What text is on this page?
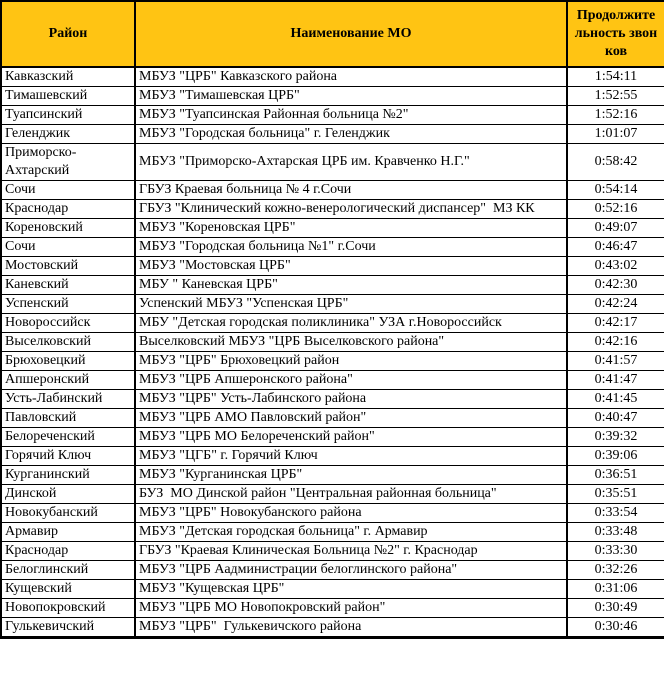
Район	Наименование МО	Продолжительность звонков
Кавказский	МБУЗ "ЦРБ" Кавказского района	1:54:11
Тимашевский	МБУЗ "Тимашевская ЦРБ"	1:52:55
Туапсинский	МБУЗ "Туапсинская Районная больница №2"	1:52:16
Геленджик	МБУЗ "Городская больница" г. Геленджик	1:01:07
Приморско-Ахтарский	МБУЗ "Приморско-Ахтарская ЦРБ им. Кравченко Н.Г."	0:58:42
Сочи	ГБУЗ Краевая больница № 4 г.Сочи	0:54:14
Краснодар	ГБУЗ "Клинический кожно-венерологический диспансер"  МЗ КК	0:52:16
Кореновский	МБУЗ "Кореновская ЦРБ"	0:49:07
Сочи	МБУЗ "Городская больница №1" г.Сочи	0:46:47
Мостовский	МБУЗ "Мостовская ЦРБ"	0:43:02
Каневский	МБУ " Каневская ЦРБ"	0:42:30
Успенский	Успенский МБУЗ "Успенская ЦРБ"	0:42:24
Новороссийск	МБУ "Детская городская поликлиника" УЗА г.Новороссийск	0:42:17
Выселковский	Выселковский МБУЗ "ЦРБ Выселковского района"	0:42:16
Брюховецкий	МБУЗ "ЦРБ" Брюховецкий район	0:41:57
Апшеронский	МБУЗ "ЦРБ Апшеронского района"	0:41:47
Усть-Лабинский	МБУЗ "ЦРБ" Усть-Лабинского района	0:41:45
Павловский	МБУЗ "ЦРБ АМО Павловский район"	0:40:47
Белореченский	МБУЗ "ЦРБ МО Белореченский район"	0:39:32
Горячий Ключ	МБУЗ "ЦГБ" г. Горячий Ключ	0:39:06
Курганинский	МБУЗ "Курганинская ЦРБ"	0:36:51
Динской	БУЗ  МО Динской район "Центральная районная больница"	0:35:51
Новокубанский	МБУЗ "ЦРБ" Новокубанского района	0:33:54
Армавир	МБУЗ "Детская городская больница" г. Армавир	0:33:48
Краснодар	ГБУЗ "Краевая Клиническая Больница №2" г. Краснодар	0:33:30
Белоглинский	МБУЗ "ЦРБ Аадминистрации белоглинского района"	0:32:26
Кущевский	МБУЗ "Кущевская ЦРБ"	0:31:06
Новопокровский	МБУЗ "ЦРБ МО Новопокровский район"	0:30:49
Гулькевичский	МБУЗ "ЦРБ"  Гулькевичского района	0:30:46
